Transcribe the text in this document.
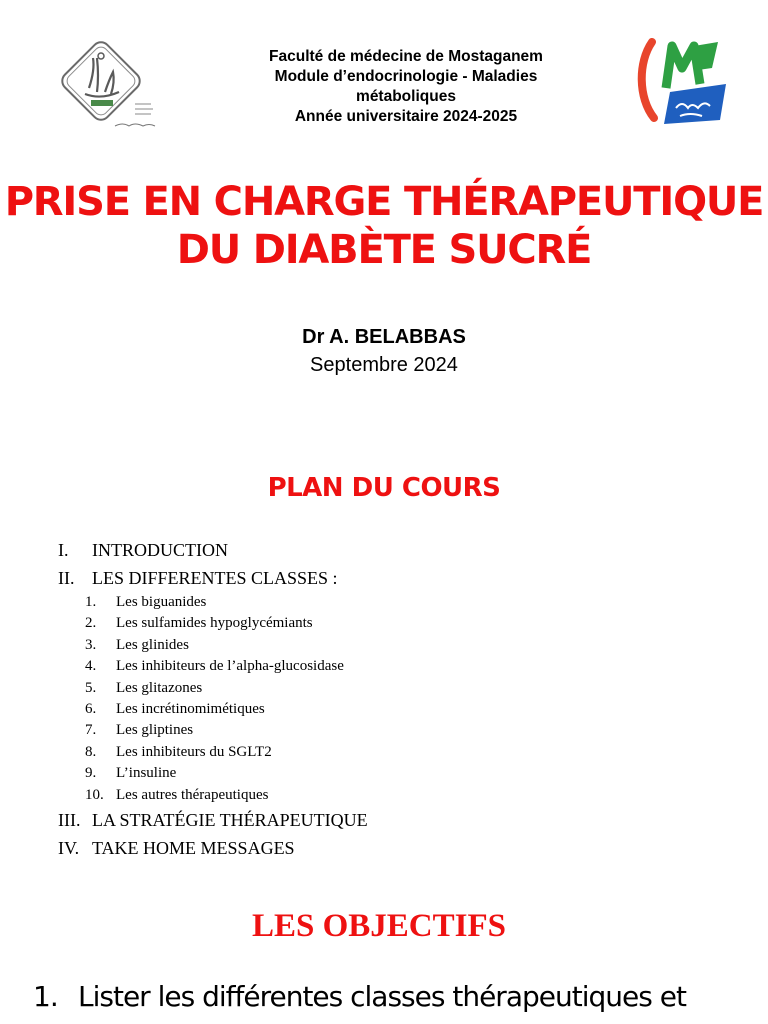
Faculté de médecine de Mostaganem
Module d’endocrinologie - Maladies
métaboliques
Année universitaire 2024-2025
PRISE EN CHARGE THÉRAPEUTIQUE
DU DIABÈTE SUCRÉ
Dr A. BELABBAS
Septembre 2024
PLAN DU COURS
I.	INTRODUCTION
II. LES DIFFERENTES CLASSES :
1.	Les biguanides
2.	Les sulfamides hypoglycémiants
3.	Les glinides
4.	Les inhibiteurs de l’alpha-glucosidase
5.	Les glitazones
6.	Les incrétinomimétiques
7.	Les gliptines
8.	Les inhibiteurs du SGLT2
9.	L’insuline
10. Les autres thérapeutiques
III. LA STRATÉGIE THÉRAPEUTIQUE
IV. TAKE HOME MESSAGES
LES OBJECTIFS
1. Lister les différentes classes thérapeutiques et
